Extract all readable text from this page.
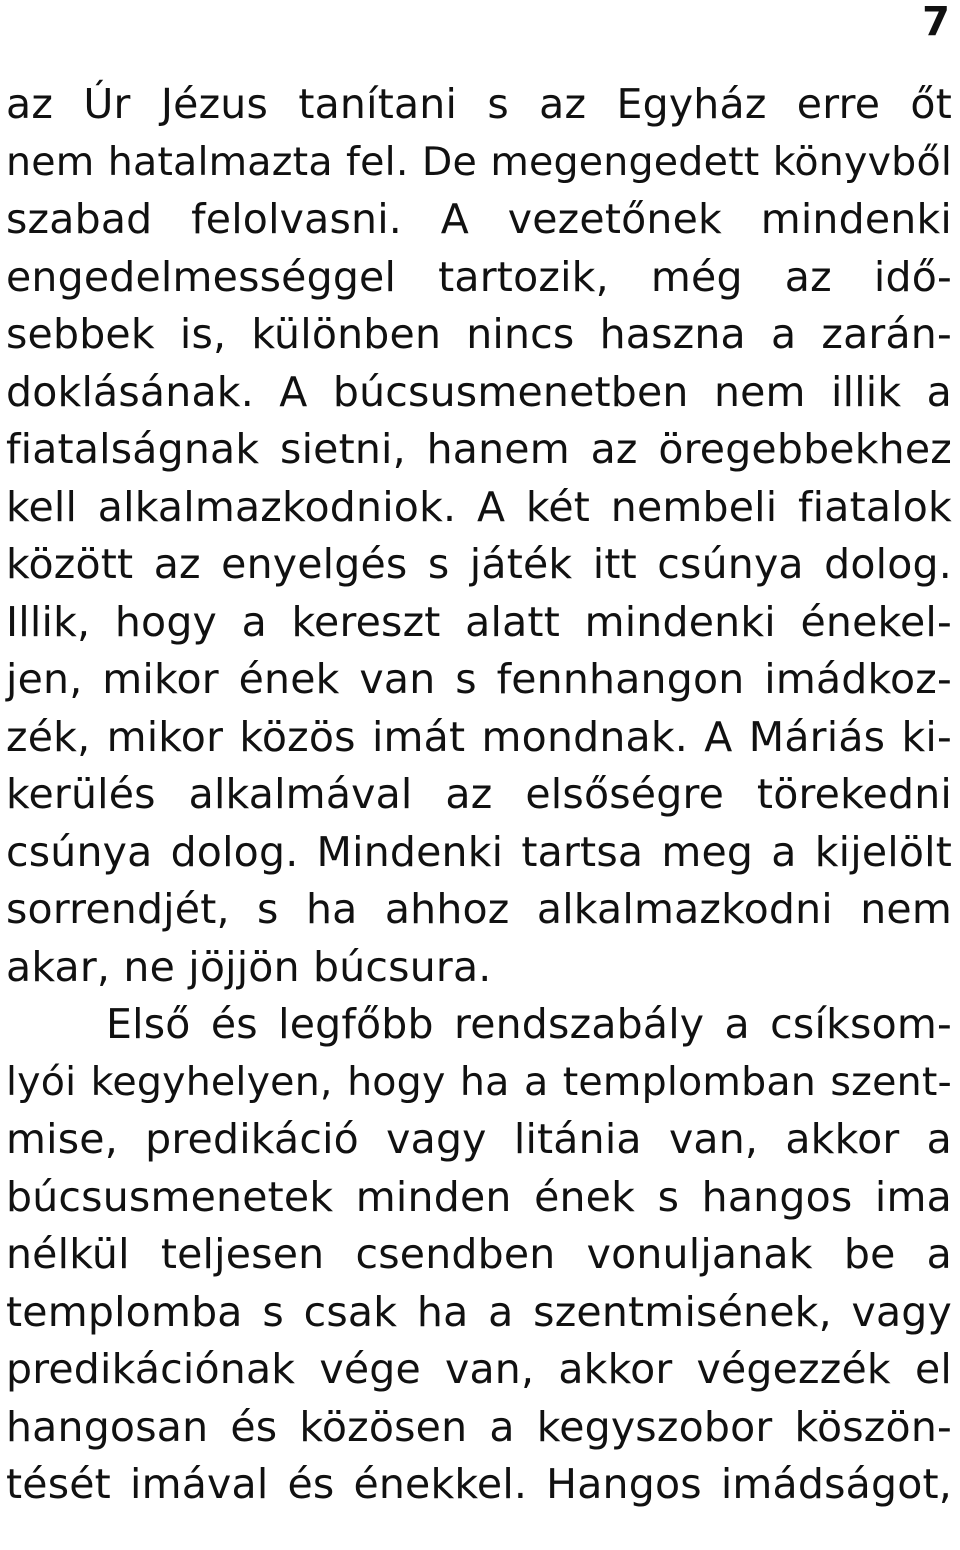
7
az Úr Jézus tanítani s az Egyház erre őt
nem hatalmazta fel. De megengedett könyvből
szabad felolvasni. A vezetőnek mindenki
engedelmességgel tartozik, még az idő-
sebbek is, különben nincs haszna a zarán-
doklásának. A búcsusmenetben nem illik a
fiatalságnak sietni, hanem az öregebbekhez
kell alkalmazkodniok. A két nembeli fiatalok
között az enyelgés s játék itt csúnya dolog.
Illik, hogy a kereszt alatt mindenki énekel-
jen, mikor ének van s fennhangon imádkoz-
zék, mikor közös imát mondnak. A Máriás ki-
kerülés alkalmával az elsőségre törekedni
csúnya dolog. Mindenki tartsa meg a kijelölt
sorrendjét, s ha ahhoz alkalmazkodni nem
akar, ne jöjjön búcsura.
Első és legfőbb rendszabály a csíksom-
lyói kegyhelyen, hogy ha a templomban szent-
mise, predikáció vagy litánia van, akkor a
búcsusmenetek minden ének s hangos ima
nélkül teljesen csendben vonuljanak be a
templomba s csak ha a szentmisének, vagy
predikációnak vége van, akkor végezzék el
hangosan és közösen a kegyszobor köszön-
tését imával és énekkel. Hangos imádságot,
